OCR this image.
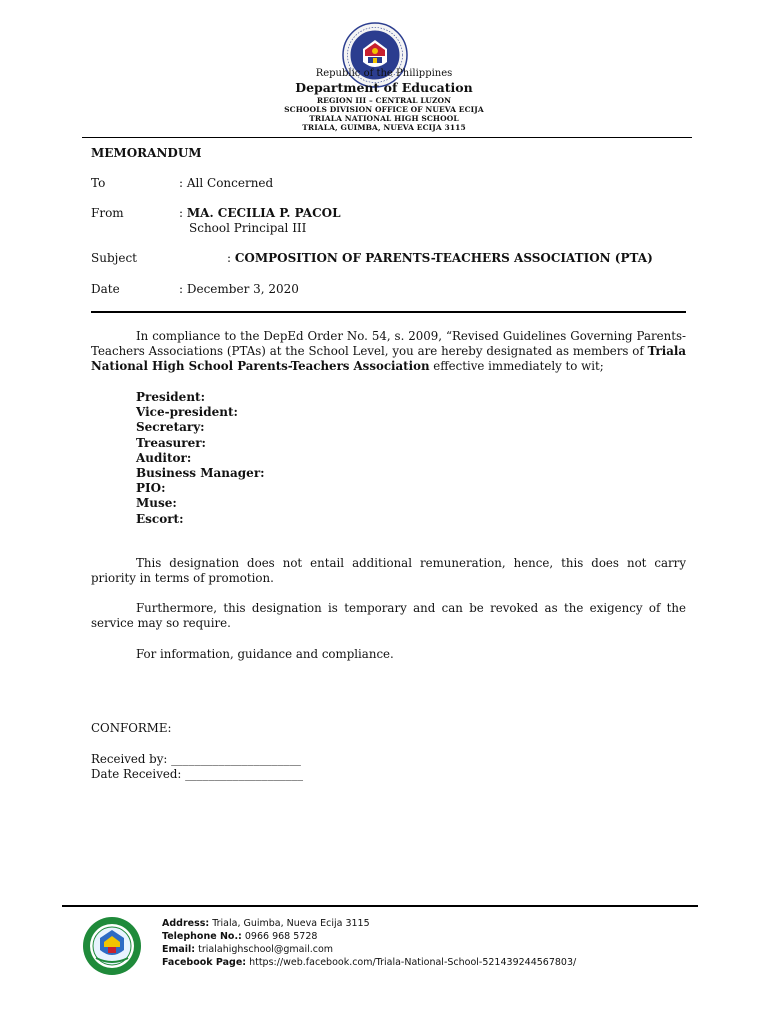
Republic of the Philippines
Department of Education
REGION III – CENTRAL LUZON
SCHOOLS DIVISION OFFICE OF NUEVA ECIJA
TRIALA NATIONAL HIGH SCHOOL
TRIALA, GUIMBA, NUEVA ECIJA 3115
MEMORANDUM
To	: All Concerned
From	: MA. CECILIA P. PACOL
School Principal III
Subject	: COMPOSITION OF PARENTS-TEACHERS ASSOCIATION (PTA)
Date	: December 3, 2020
In compliance to the DepEd Order No. 54, s. 2009, “Revised Guidelines Governing Parents-Teachers Associations (PTAs) at the School Level, you are hereby designated as members of Triala National High School Parents-Teachers Association effective immediately to wit;
President:
Vice-president:
Secretary:
Treasurer:
Auditor:
Business Manager:
PIO:
Muse:
Escort:
This designation does not entail additional remuneration, hence, this does not carry priority in terms of promotion.
Furthermore, this designation is temporary and can be revoked as the exigency of the service may so require.
For information, guidance and compliance.
CONFORME:
Received by: ______________________
Date Received: ____________________
Address: Triala, Guimba, Nueva Ecija 3115
Telephone No.: 0966 968 5728
Email: trialahighschool@gmail.com
Facebook Page: https://web.facebook.com/Triala-National-School-521439244567803/
